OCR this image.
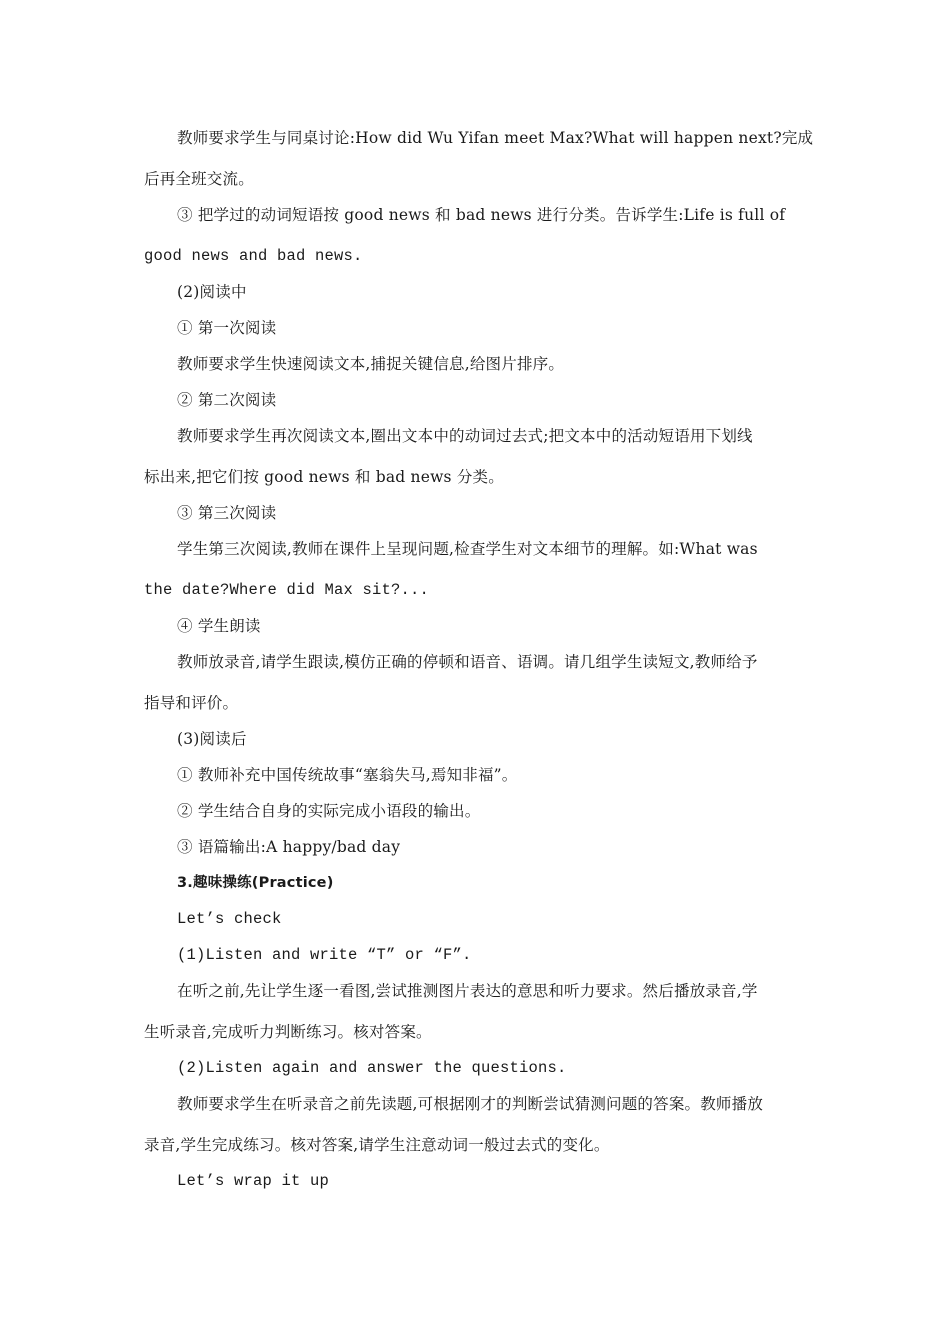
教师要求学生与同桌讨论:How did Wu Yifan meet Max?What will happen next?完成
后再全班交流。
③ 把学过的动词短语按 good news 和 bad news 进行分类。告诉学生:Life is full of
good news and bad news.
(2)阅读中
① 第一次阅读
教师要求学生快速阅读文本,捕捉关键信息,给图片排序。
② 第二次阅读
教师要求学生再次阅读文本,圈出文本中的动词过去式;把文本中的活动短语用下划线
标出来,把它们按 good news 和 bad news 分类。
③ 第三次阅读
学生第三次阅读,教师在课件上呈现问题,检查学生对文本细节的理解。如:What was
the date?Where did Max sit?...
④ 学生朗读
教师放录音,请学生跟读,模仿正确的停顿和语音、语调。请几组学生读短文,教师给予
指导和评价。
(3)阅读后
① 教师补充中国传统故事“塞翁失马,焉知非福”。
② 学生结合自身的实际完成小语段的输出。
③ 语篇输出:A happy/bad day
3.趣味操练(Practice)
Let’s check
(1)Listen and write “T” or “F”.
在听之前,先让学生逐一看图,尝试推测图片表达的意思和听力要求。然后播放录音,学
生听录音,完成听力判断练习。核对答案。
(2)Listen again and answer the questions.
教师要求学生在听录音之前先读题,可根据刚才的判断尝试猜测问题的答案。教师播放
录音,学生完成练习。核对答案,请学生注意动词一般过去式的变化。
Let’s wrap it up
